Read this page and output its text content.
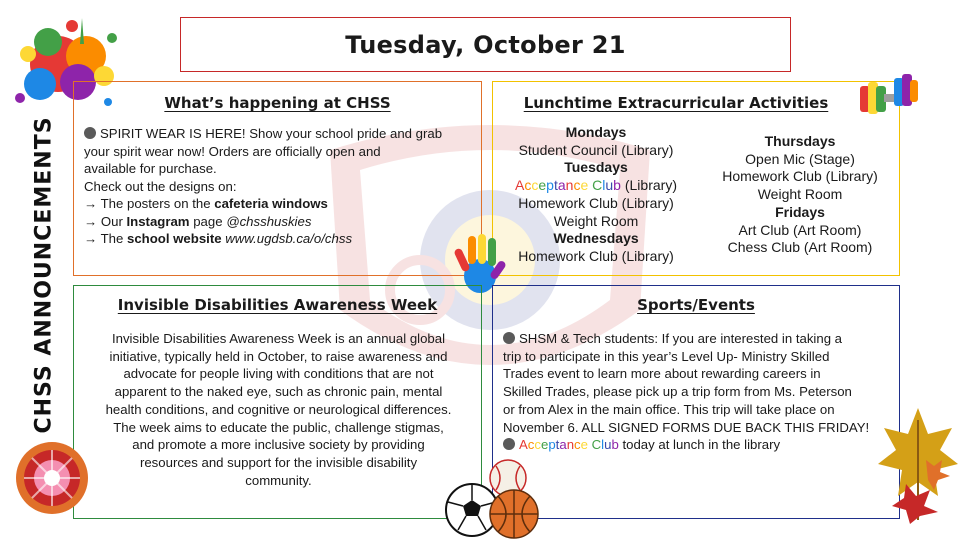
Tuesday, October 21
CHSS ANNOUNCEMENTS
What’s happening at CHSS
SPIRIT WEAR IS HERE! Show your school pride and grab
your spirit wear now! Orders are officially open and
available for purchase.
Check out the designs on:
→ The posters on the cafeteria windows
→ Our Instagram page @chsshuskies
→ The school website www.ugdsb.ca/o/chss
Lunchtime Extracurricular Activities
Mondays
Student Council (Library)
Tuesdays
Acceptance Club (Library)
Homework Club (Library)
Weight Room
Wednesdays
Homework Club (Library)
Thursdays
Open Mic (Stage)
Homework Club (Library)
Weight Room
Fridays
Art Club (Art Room)
Chess Club (Art Room)
Invisible Disabilities Awareness Week
Invisible Disabilities Awareness Week is an annual global
initiative, typically held in October, to raise awareness and
advocate for people living with conditions that are not
apparent to the naked eye, such as chronic pain, mental
health conditions, and cognitive or neurological differences.
The week aims to educate the public, challenge stigmas,
and promote a more inclusive society by providing
resources and support for the invisible disability
community.
Sports/Events
SHSM & Tech students: If you are interested in taking a
trip to participate in this year’s Level Up- Ministry Skilled
Trades event to learn more about rewarding careers in
Skilled Trades, please pick up a trip form from Ms. Peterson
or from Alex in the main office. This trip will take place on
November 6. ALL SIGNED FORMS DUE BACK THIS FRIDAY!
Acceptance Club today at lunch in the library
